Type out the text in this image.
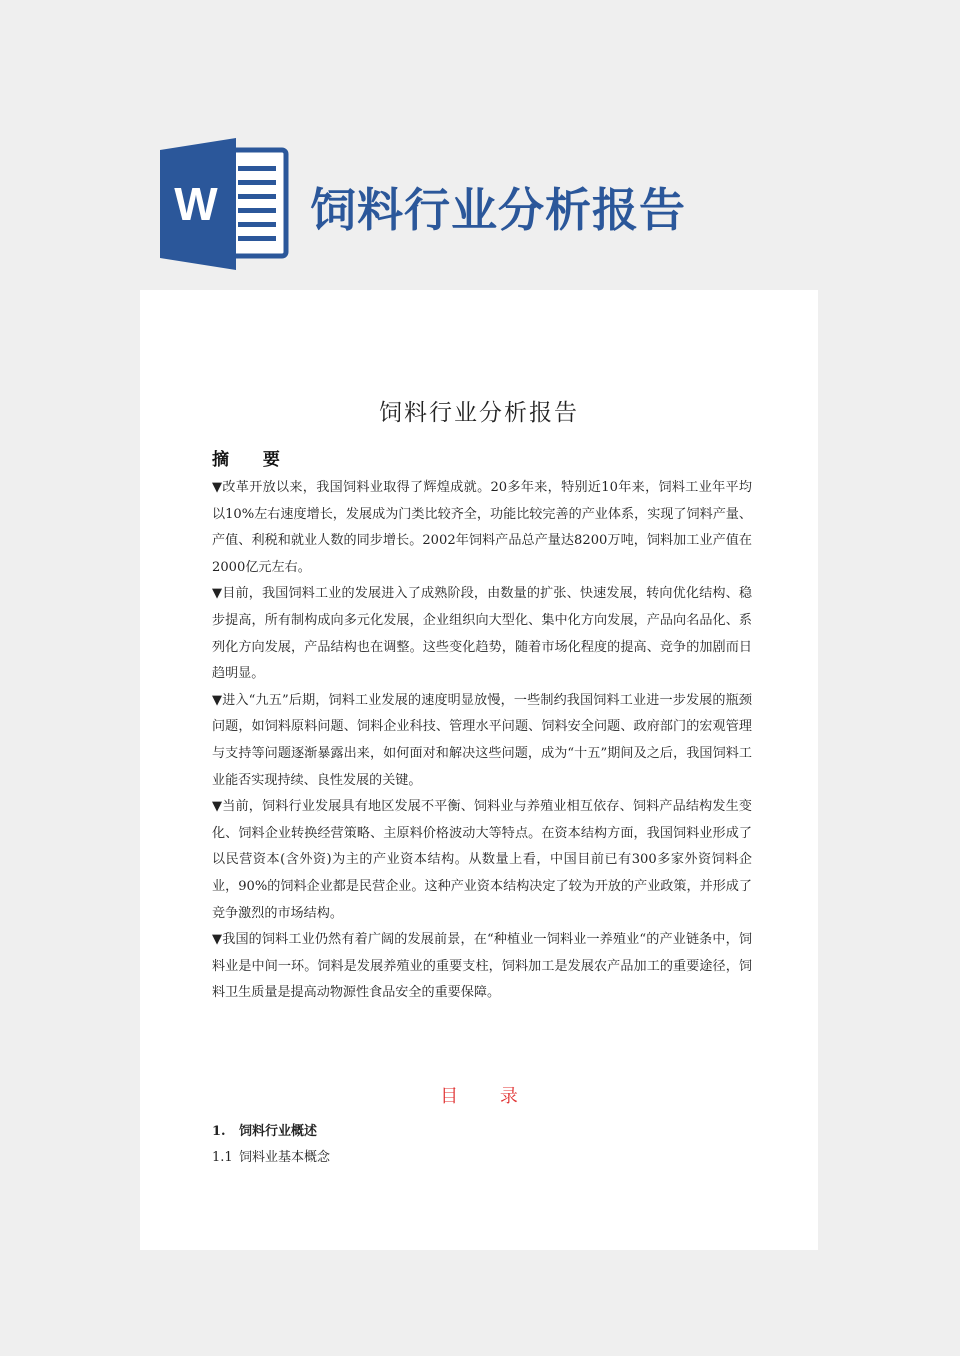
W 饲料行业分析报告
饲料行业分析报告
摘 要

▼改革开放以来，我国饲料业取得了辉煌成就。20多年来，特别近10年来，饲料工业年平均以10%左右速度增长，发展成为门类比较齐全，功能比较完善的产业体系，实现了饲料产量、产值、利税和就业人数的同步增长。2002年饲料产品总产量达8200万吨，饲料加工业产值在2000亿元左右。

▼目前，我国饲料工业的发展进入了成熟阶段，由数量的扩张、快速发展，转向优化结构、稳步提高，所有制构成向多元化发展，企业组织向大型化、集中化方向发展，产品向名品化、系列化方向发展，产品结构也在调整。这些变化趋势，随着市场化程度的提高、竞争的加剧而日趋明显。

▼进入“九五”后期，饲料工业发展的速度明显放慢，一些制约我国饲料工业进一步发展的瓶颈问题，如饲料原料问题、饲料企业科技、管理水平问题、饲料安全问题、政府部门的宏观管理与支持等问题逐渐暴露出来，如何面对和解决这些问题，成为“十五”期间及之后，我国饲料工业能否实现持续、良性发展的关键。

▼当前，饲料行业发展具有地区发展不平衡、饲料业与养殖业相互依存、饲料产品结构发生变化、饲料企业转换经营策略、主原料价格波动大等特点。在资本结构方面，我国饲料业形成了以民营资本(含外资)为主的产业资本结构。从数量上看，中国目前已有300多家外资饲料企业，90%的饲料企业都是民营企业。这种产业资本结构决定了较为开放的产业政策，并形成了竞争激烈的市场结构。

▼我国的饲料工业仍然有着广阔的发展前景，在“种植业一饲料业一养殖业“的产业链条中，饲料业是中间一环。饲料是发展养殖业的重要支柱，饲料加工是发展农产品加工的重要途径，饲料卫生质量是提高动物源性食品安全的重要保障。

目 录
1. 饲料行业概述
1.1 饲料业基本概念
